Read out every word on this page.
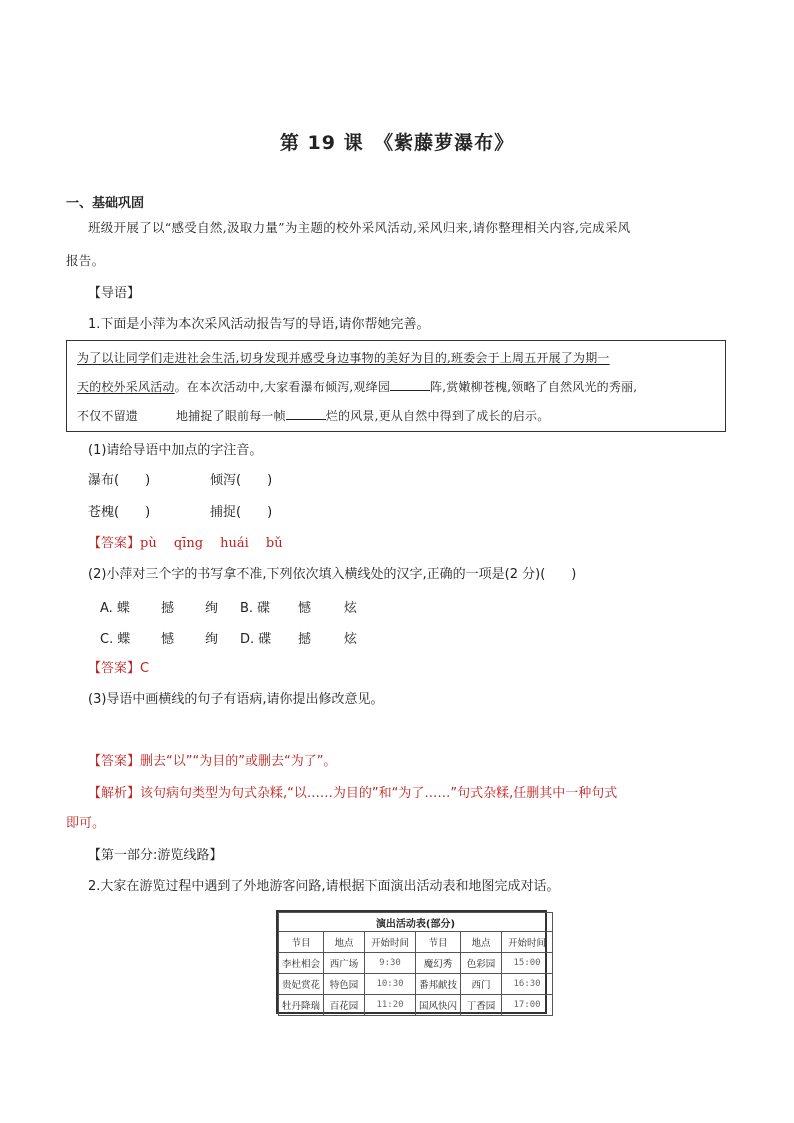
第 19 课　《紫藤萝瀑布》
一、基础巩固
班级开展了以“感受自然,汲取力量”为主题的校外采风活动,采风归来,请你整理相关内容,完成采风
报告。
【导语】
1.下面是小萍为本次采风活动报告写的导语,请你帮她完善。
为了以让同学们走进社会生活,切身发现并感受身边事物的美好为目的,班委会于上周五开展了为期一
天的校外采风活动。在本次活动中,大家看瀑布倾泻,观绛园	阵,赏嫩柳苍槐,领略了自然风光的秀丽,
不仅不留遗	地捕捉了眼前每一帧	烂的风景,更从自然中得到了成长的启示。
(1)请给导语中加点的字注音。
瀑布(　　)	倾泻(　　)
苍槐(　　)	捕捉(　　)
【答案】pù　 qīng　 huái　 bǔ
(2)小萍对三个字的书写拿不准,下列依次填入横线处的汉字,正确的一项是(2 分)(　　)
A. 蝶 撼 绚 B. 碟 憾	炫
C. 蝶 憾 绚 D. 碟 撼	炫
【答案】C
(3)导语中画横线的句子有语病,请你提出修改意见。
【答案】删去“以”“为目的”或删去“为了”。
【解析】该句病句类型为句式杂糅,“以……为目的”和“为了……”句式杂糅,任删其中一种句式
即可。
【第一部分:游览线路】
2.大家在游览过程中遇到了外地游客问路,请根据下面演出活动表和地图完成对话。
演出活动表(部分)					
节目	地点	开始时间	节目	地点	开始时间
李杜相会	西广场	9:30	魔幻秀	色彩园	15:00
贵妃赏花	特色园	10:30	番邦献技	西门	16:30
牡丹降瑞	百花园	11:20	国风快闪	丁香园	17:00
